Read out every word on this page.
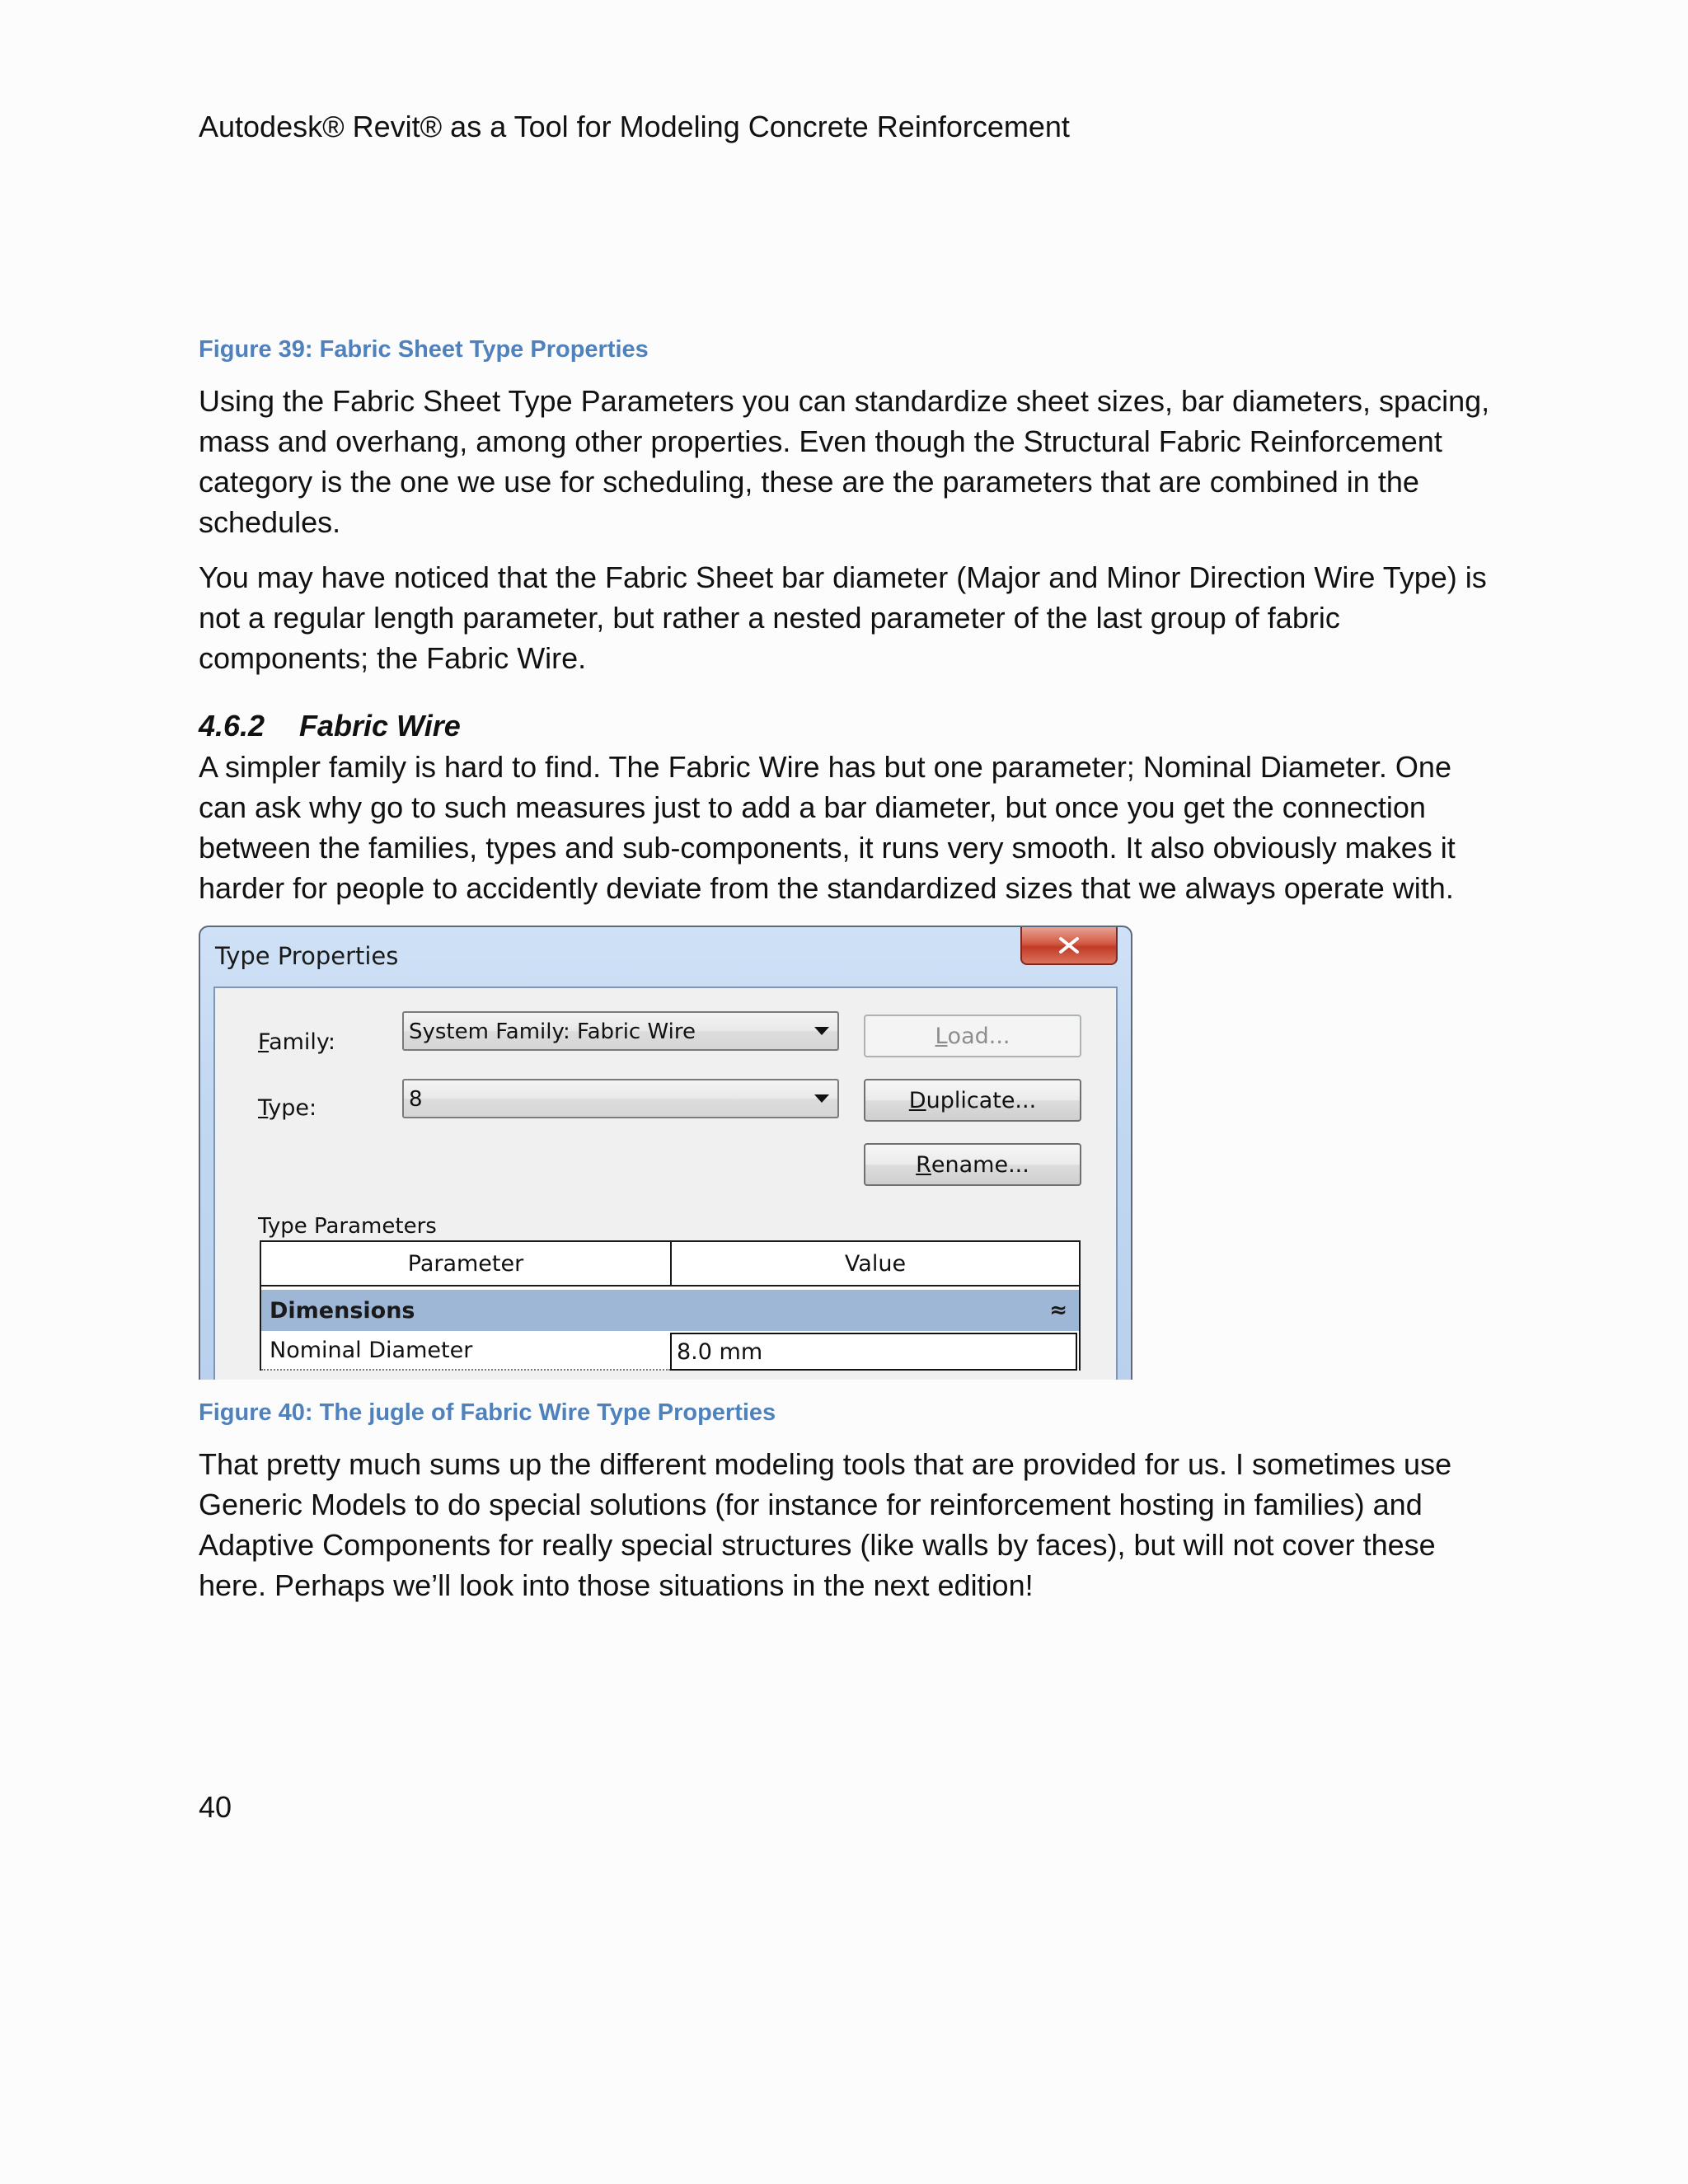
Autodesk® Revit® as a Tool for Modeling Concrete Reinforcement
Figure 39: Fabric Sheet Type Properties

Using the Fabric Sheet Type Parameters you can standardize sheet sizes, bar diameters, spacing, mass and overhang, among other properties. Even though the Structural Fabric Reinforcement category is the one we use for scheduling, these are the parameters that are combined in the schedules.

You may have noticed that the Fabric Sheet bar diameter (Major and Minor Direction Wire Type) is not a regular length parameter, but rather a nested parameter of the last group of fabric components; the Fabric Wire.

4.6.2 Fabric Wire

A simpler family is hard to find. The Fabric Wire has but one parameter; Nominal Diameter. One can ask why go to such measures just to add a bar diameter, but once you get the connection between the families, types and sub-components, it runs very smooth. It also obviously makes it harder for people to accidently deviate from the standardized sizes that we always operate with.

Type Properties
Family:	System Family: Fabric Wire	L oad...
Type:	8	D uplicate...
R ename...
Type Parameters
Parameter	Value
Dimensions	≈
Nominal Diameter	8.0 mm
Figure 40: The jugle of Fabric Wire Type Properties

That pretty much sums up the different modeling tools that are provided for us. I sometimes use Generic Models to do special solutions (for instance for reinforcement hosting in families) and Adaptive Components for really special structures (like walls by faces), but will not cover these here. Perhaps we’ll look into those situations in the next edition!

40
